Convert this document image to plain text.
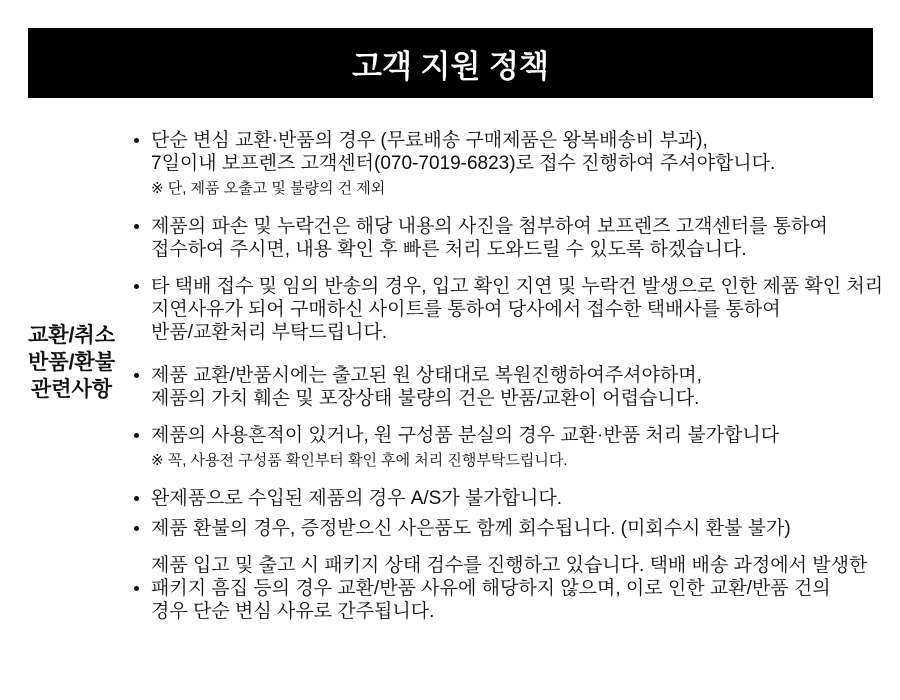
고객 지원 정책
교환/취소
반품/환불
관련사항
단순 변심 교환·반품의 경우 (무료배송 구매제품은 왕복배송비 부과),
7일이내 보프렌즈 고객센터(070-7019-6823)로 접수 진행하여 주셔야합니다.
※ 단, 제품 오출고 및 불량의 건 제외
제품의 파손 및 누락건은 해당 내용의 사진을 첨부하여 보프렌즈 고객센터를 통하여
접수하여 주시면, 내용 확인 후 빠른 처리 도와드릴 수 있도록 하겠습니다.
타 택배 접수 및 임의 반송의 경우, 입고 확인 지연 및 누락건 발생으로 인한 제품 확인 처리
지연사유가 되어 구매하신 사이트를 통하여 당사에서 접수한 택배사를 통하여
반품/교환처리 부탁드립니다.
제품 교환/반품시에는 출고된 원 상태대로 복원진행하여주셔야하며,
제품의 가치 훼손 및 포장상태 불량의 건은 반품/교환이 어렵습니다.
제품의 사용흔적이 있거나, 원 구성품 분실의 경우 교환·반품 처리 불가합니다
※ 꼭, 사용전 구성품 확인부터 확인 후에 처리 진행부탁드립니다.
완제품으로 수입된 제품의 경우 A/S가 불가합니다.
제품 환불의 경우, 증정받으신 사은품도 함께 회수됩니다. (미회수시 환불 불가)
제품 입고 및 출고 시 패키지 상태 검수를 진행하고 있습니다. 택배 배송 과정에서 발생한
패키지 흠집 등의 경우 교환/반품 사유에 해당하지 않으며, 이로 인한 교환/반품 건의
경우 단순 변심 사유로 간주됩니다.
